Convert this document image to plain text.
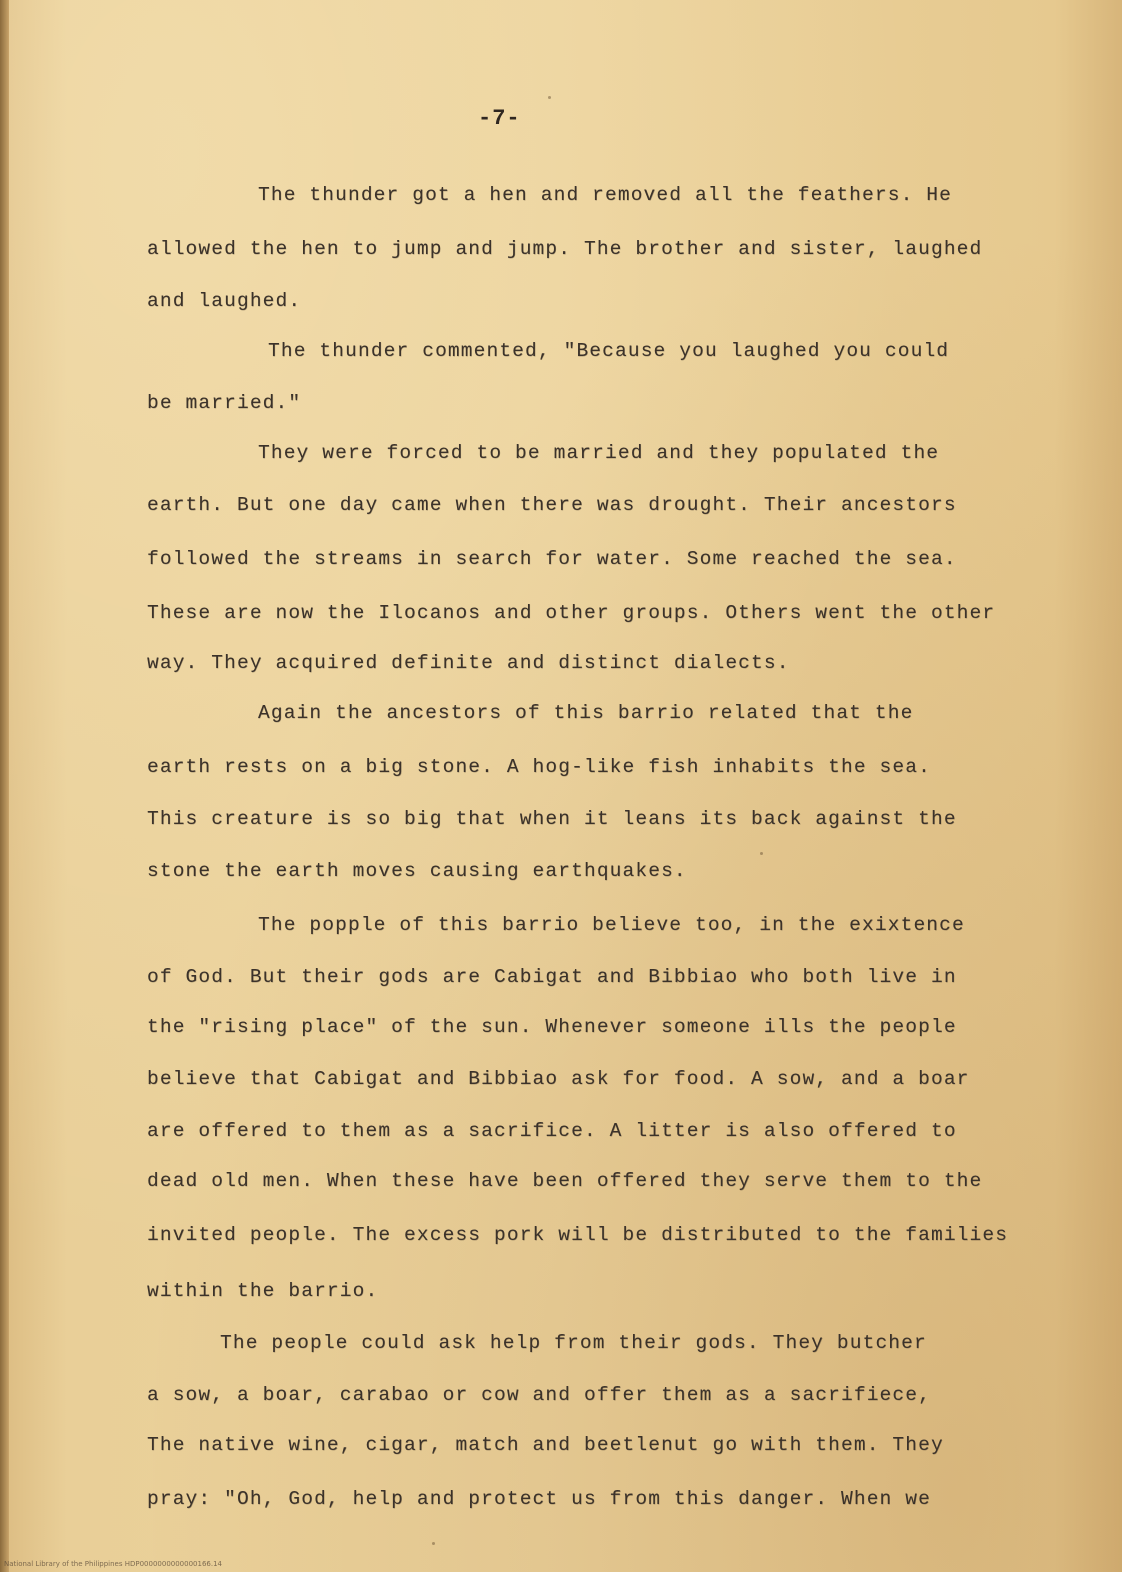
-7-
The thunder got a hen and removed all the feathers. He
allowed the hen to jump and jump. The brother and sister, laughed
and laughed.
The thunder commented, "Because you laughed you could
be married."
They were forced to be married and they populated the
earth. But one day came when there was drought. Their ancestors
followed the streams in search for water. Some reached the sea.
These are now the Ilocanos and other groups. Others went the other
way. They acquired definite and distinct dialects.
Again the ancestors of this barrio related that the
earth rests on a big stone. A hog-like fish inhabits the sea.
This creature is so big that when it leans its back against the
stone the earth moves causing earthquakes.
The popple of this barrio believe too, in the exixtence
of God. But their gods are Cabigat and Bibbiao who both live in
the "rising place" of the sun. Whenever someone ills the people
believe that Cabigat and Bibbiao ask for food. A sow, and a boar
are offered to them as a sacrifice. A litter is also offered to
dead old men. When these have been offered they serve them to the
invited people. The excess pork will be distributed to the families
within the barrio.
The people could ask help from their gods. They butcher
a sow, a boar, carabao or cow and offer them as a sacrifiece,
The native wine, cigar, match and beetlenut go with them. They
pray: "Oh, God, help and protect us from this danger. When we
National Library of the Philippines HDP0000000000000166.14
